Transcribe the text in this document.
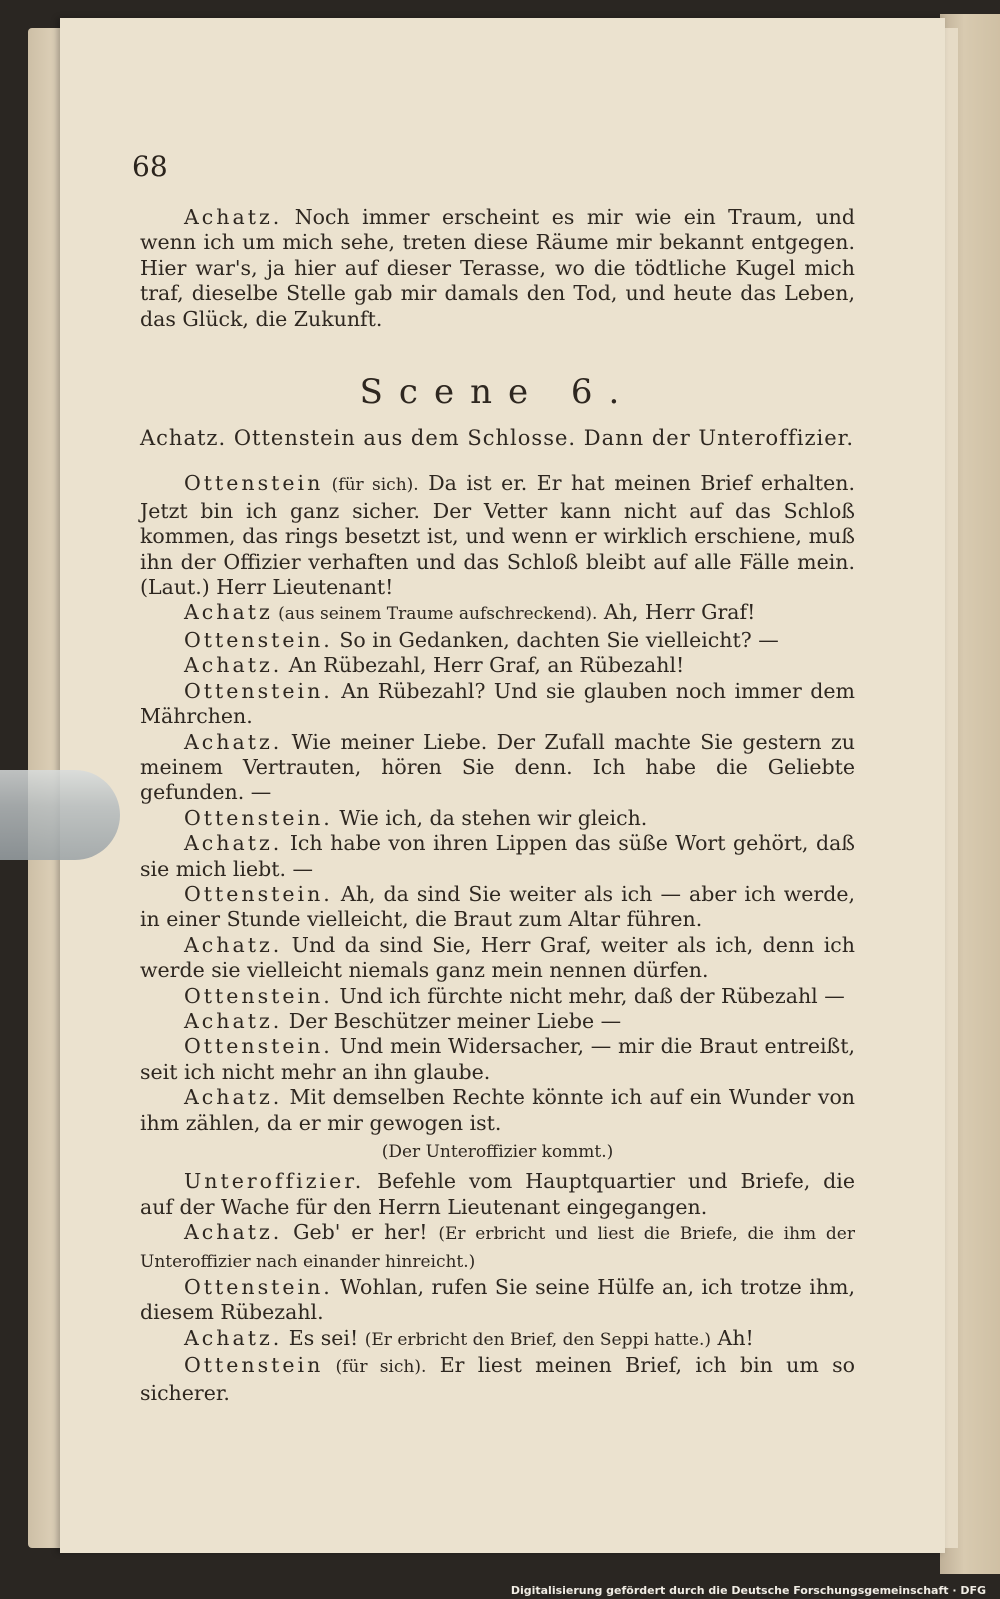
68

Achatz. Noch immer erscheint es mir wie ein Traum, und wenn ich um mich sehe, treten diese Räume mir bekannt entgegen. Hier war's, ja hier auf dieser Terasse, wo die tödtliche Kugel mich traf, dieselbe Stelle gab mir damals den Tod, und heute das Leben, das Glück, die Zukunft.

Scene 6.
Achatz. Ottenstein aus dem Schlosse. Dann der Unteroffizier.

Ottenstein (für sich). Da ist er. Er hat meinen Brief erhalten. Jetzt bin ich ganz sicher. Der Vetter kann nicht auf das Schloß kommen, das rings besetzt ist, und wenn er wirklich erschiene, muß ihn der Offizier verhaften und das Schloß bleibt auf alle Fälle mein. (Laut.) Herr Lieutenant!

Achatz (aus seinem Traume aufschreckend). Ah, Herr Graf!

Ottenstein. So in Gedanken, dachten Sie vielleicht? —

Achatz. An Rübezahl, Herr Graf, an Rübezahl!

Ottenstein. An Rübezahl? Und sie glauben noch immer dem Mährchen.

Achatz. Wie meiner Liebe. Der Zufall machte Sie gestern zu meinem Vertrauten, hören Sie denn. Ich habe die Geliebte gefunden. —

Ottenstein. Wie ich, da stehen wir gleich.

Achatz. Ich habe von ihren Lippen das süße Wort gehört, daß sie mich liebt. —

Ottenstein. Ah, da sind Sie weiter als ich — aber ich werde, in einer Stunde vielleicht, die Braut zum Altar führen.

Achatz. Und da sind Sie, Herr Graf, weiter als ich, denn ich werde sie vielleicht niemals ganz mein nennen dürfen.

Ottenstein. Und ich fürchte nicht mehr, daß der Rübezahl —

Achatz. Der Beschützer meiner Liebe —

Ottenstein. Und mein Widersacher, — mir die Braut entreißt, seit ich nicht mehr an ihn glaube.

Achatz. Mit demselben Rechte könnte ich auf ein Wunder von ihm zählen, da er mir gewogen ist.

(Der Unteroffizier kommt.)

Unteroffizier. Befehle vom Hauptquartier und Briefe, die auf der Wache für den Herrn Lieutenant eingegangen.

Achatz. Geb' er her! (Er erbricht und liest die Briefe, die ihm der Unteroffizier nach einander hinreicht.)

Ottenstein. Wohlan, rufen Sie seine Hülfe an, ich trotze ihm, diesem Rübezahl.

Achatz. Es sei! (Er erbricht den Brief, den Seppi hatte.) Ah!

Ottenstein (für sich). Er liest meinen Brief, ich bin um so sicherer.

Digitalisierung gefördert durch die Deutsche Forschungsgemeinschaft · DFG
